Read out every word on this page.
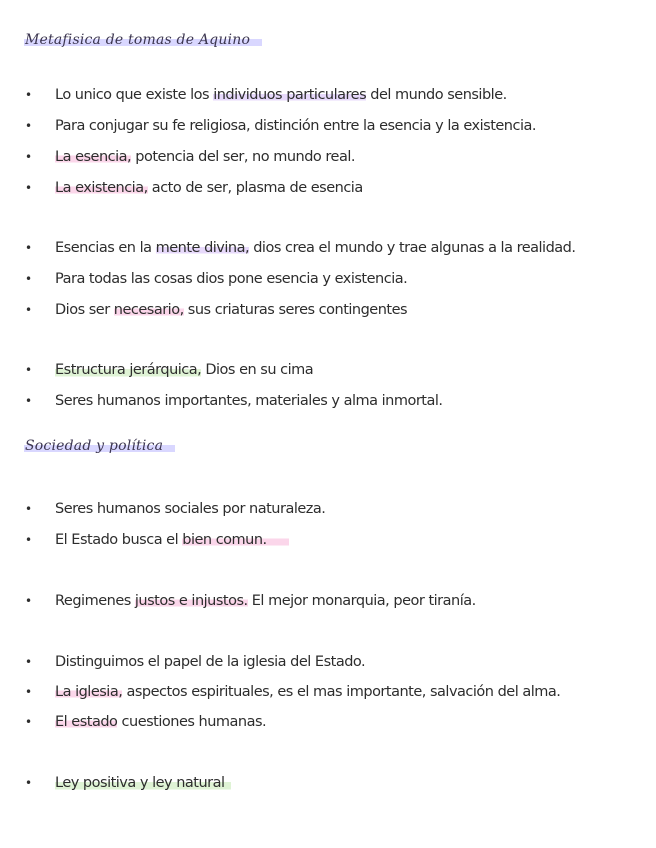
Metafisica de tomas de Aquino
• Lo unico que existe los individuos particulares del mundo sensible.
• Para conjugar su fe religiosa, distinción entre la esencia y la existencia.
• La esencia, potencia del ser, no mundo real.
• La existencia, acto de ser, plasma de esencia
• Esencias en la mente divina, dios crea el mundo y trae algunas a la realidad.
• Para todas las cosas dios pone esencia y existencia.
• Dios ser necesario, sus criaturas seres contingentes
• Estructura jerárquica, Dios en su cima
• Seres humanos importantes, materiales y alma inmortal.
Sociedad y política
• Seres humanos sociales por naturaleza.
• El Estado busca el bien comun.
• Regimenes justos e injustos. El mejor monarquia, peor tiranía.
• Distinguimos el papel de la iglesia del Estado.
• La iglesia, aspectos espirituales, es el mas importante, salvación del alma.
• El estado cuestiones humanas.
• Ley positiva y ley natural
